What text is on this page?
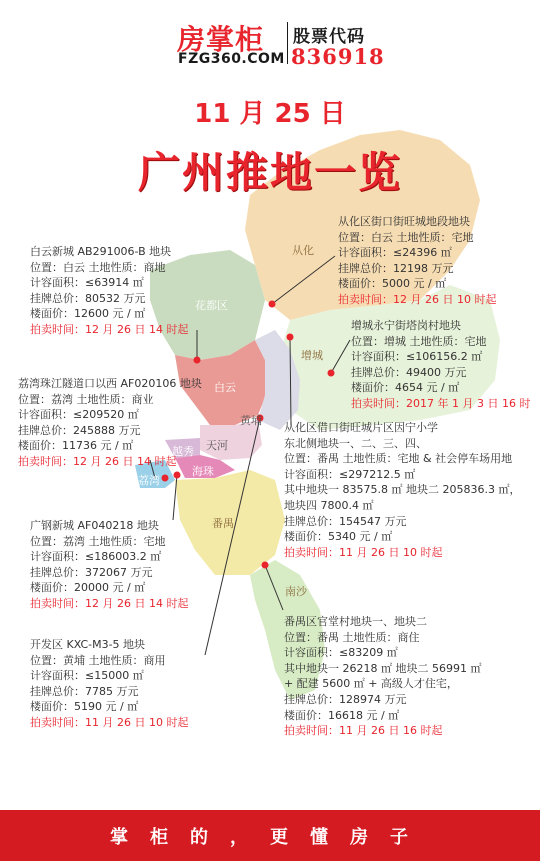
从化
花都区
增城
白云
黄埔
天河
越秀
海珠
荔湾
番禺
南沙
房掌柜
FZG360.COM
股票代码
836918
11 月 25 日
广州推地一览
白云新城 AB291006-B 地块
位置：白云 土地性质：商地
计容面积：≤63914 ㎡
挂牌总价：80532 万元
楼面价：12600 元 / ㎡
拍卖时间：12 月 26 日 14 时起
从化区街口街旺城地段地块
位置：白云 土地性质：宅地
计容面积：≤24396 ㎡
挂牌总价：12198 万元
楼面价：5000 元 / ㎡
拍卖时间：12 月 26 日 10 时起
增城永宁街塔岗村地块
位置：增城 土地性质：宅地
计容面积：≤106156.2 ㎡
挂牌总价：49400 万元
楼面价：4654 元 / ㎡
拍卖时间：2017 年 1 月 3 日 16 时
荔湾珠江隧道口以西 AF020106 地块
位置：荔湾 土地性质：商业
计容面积：≤209520 ㎡
挂牌总价：245888 万元
楼面价：11736 元 / ㎡
拍卖时间：12 月 26 日 14 时起
从化区借口街旺城片区因宁小学
东北侧地块一、二、三、四、
位置：番禺 土地性质：宅地 & 社会停车场用地
计容面积：≤297212.5 ㎡
其中地块一 83575.8 ㎡ 地块二 205836.3 ㎡，
地块四 7800.4 ㎡
挂牌总价：154547 万元
楼面价：5340 元 / ㎡
拍卖时间：11 月 26 日 10 时起
广钢新城 AF040218 地块
位置：荔湾 土地性质：宅地
计容面积：≤186003.2 ㎡
挂牌总价：372067 万元
楼面价：20000 元 / ㎡
拍卖时间：12 月 26 日 14 时起
番禺区官堂村地块一、地块二
位置：番禺 土地性质：商住
计容面积：≤83209 ㎡
其中地块一 26218 ㎡ 地块二 56991 ㎡
+ 配建 5600 ㎡ + 高级人才住宅，
挂牌总价：128974 万元
楼面价：16618 元 / ㎡
拍卖时间：11 月 26 日 16 时起
开发区 KXC-M3-5 地块
位置：黄埔 土地性质：商用
计容面积：≤15000 ㎡
挂牌总价：7785 万元
楼面价：5190 元 / ㎡
拍卖时间：11 月 26 日 10 时起
掌柜的，更懂房子
